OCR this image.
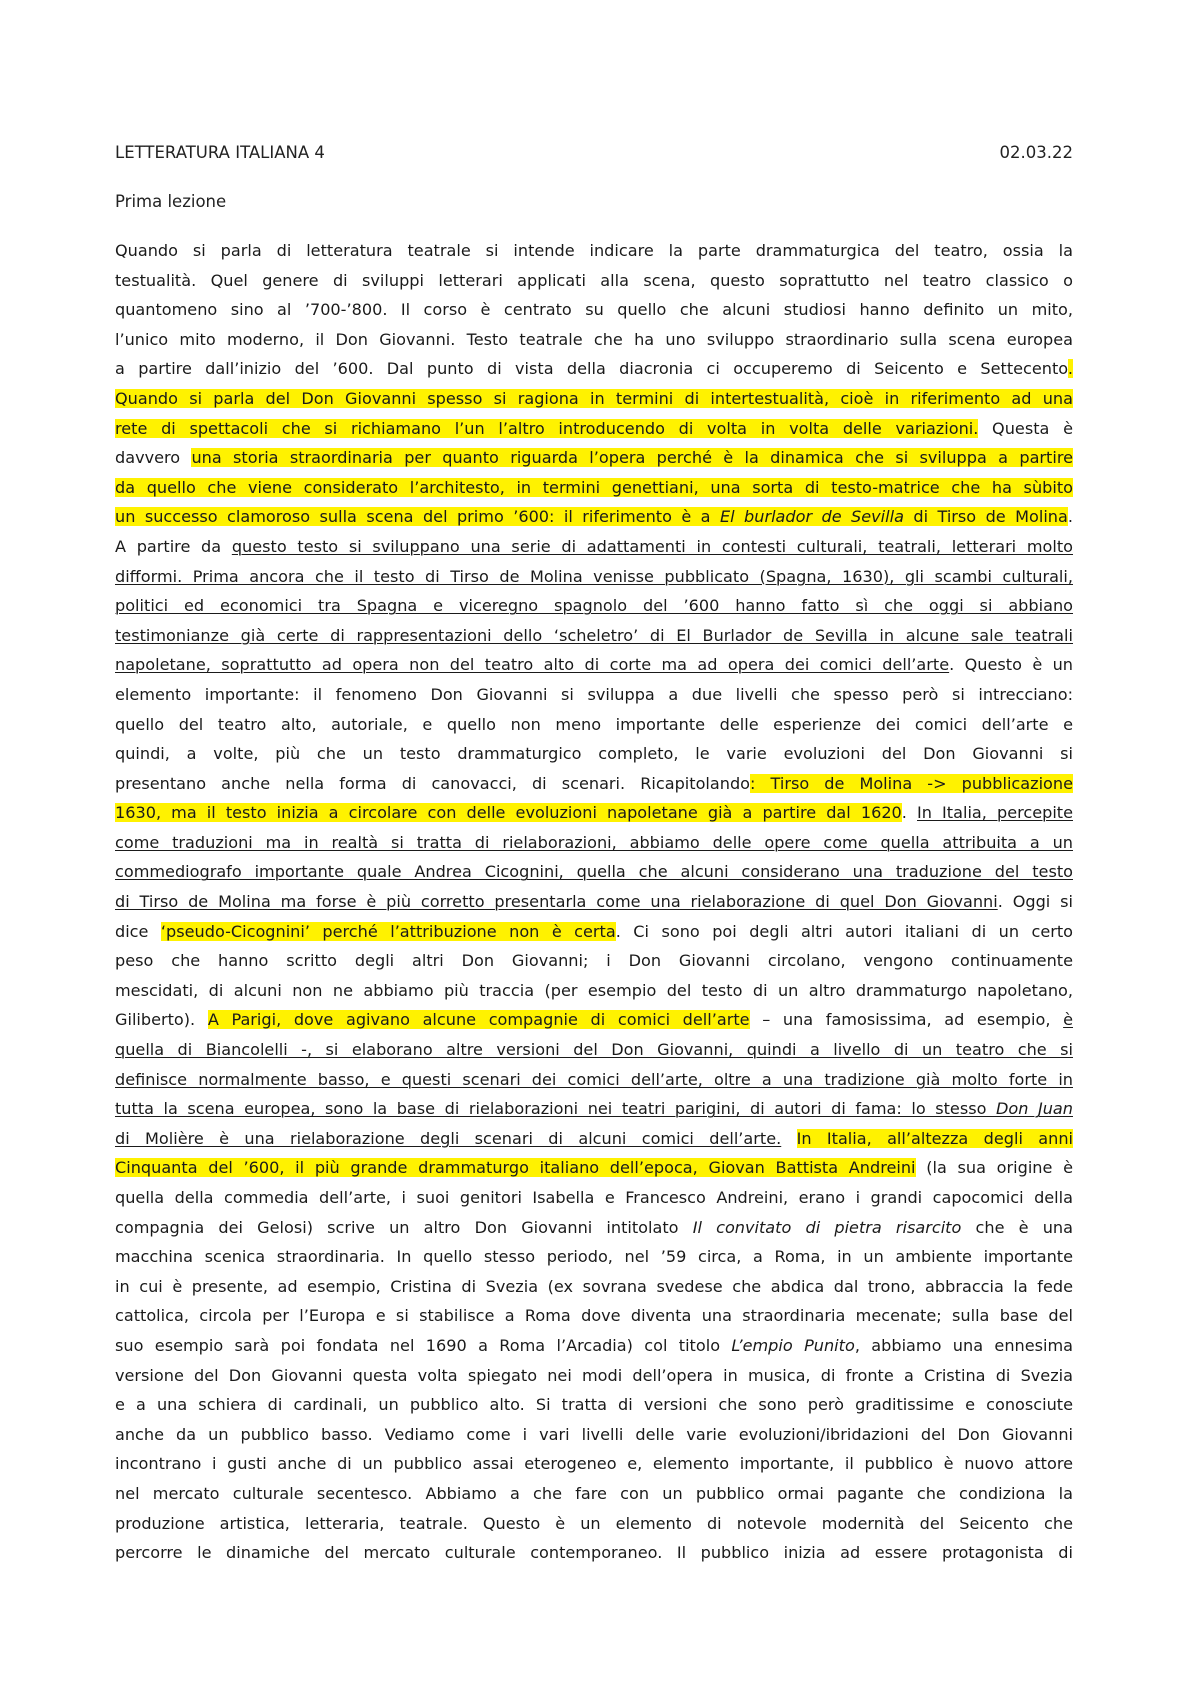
LETTERATURA ITALIANA 4	02.03.22
Prima lezione
Quando si parla di letteratura teatrale si intende indicare la parte drammaturgica del teatro, ossia la
testualità. Quel genere di sviluppi letterari applicati alla scena, questo soprattutto nel teatro classico o
quantomeno sino al ’700-’800. Il corso è centrato su quello che alcuni studiosi hanno definito un mito,
l’unico mito moderno, il Don Giovanni. Testo teatrale che ha uno sviluppo straordinario sulla scena europea
a partire dall’inizio del ’600. Dal punto di vista della diacronia ci occuperemo di Seicento e Settecento.
Quando si parla del Don Giovanni spesso si ragiona in termini di intertestualità, cioè in riferimento ad una
rete di spettacoli che si richiamano l’un l’altro introducendo di volta in volta delle variazioni. Questa è
davvero una storia straordinaria per quanto riguarda l’opera perché è la dinamica che si sviluppa a partire
da quello che viene considerato l’architesto, in termini genettiani, una sorta di testo-matrice che ha sùbito
un successo clamoroso sulla scena del primo ’600: il riferimento è a El burlador de Sevilla di Tirso de Molina.
A partire da questo testo si sviluppano una serie di adattamenti in contesti culturali, teatrali, letterari molto
difformi. Prima ancora che il testo di Tirso de Molina venisse pubblicato (Spagna, 1630), gli scambi culturali,
politici ed economici tra Spagna e viceregno spagnolo del ’600 hanno fatto sì che oggi si abbiano
testimonianze già certe di rappresentazioni dello ‘scheletro’ di El Burlador de Sevilla in alcune sale teatrali
napoletane, soprattutto ad opera non del teatro alto di corte ma ad opera dei comici dell’arte. Questo è un
elemento importante: il fenomeno Don Giovanni si sviluppa a due livelli che spesso però si intrecciano:
quello del teatro alto, autoriale, e quello non meno importante delle esperienze dei comici dell’arte e
quindi, a volte, più che un testo drammaturgico completo, le varie evoluzioni del Don Giovanni si
presentano anche nella forma di canovacci, di scenari. Ricapitolando: Tirso de Molina -> pubblicazione
1630, ma il testo inizia a circolare con delle evoluzioni napoletane già a partire dal 1620. In Italia, percepite
come traduzioni ma in realtà si tratta di rielaborazioni, abbiamo delle opere come quella attribuita a un
commediografo importante quale Andrea Cicognini, quella che alcuni considerano una traduzione del testo
di Tirso de Molina ma forse è più corretto presentarla come una rielaborazione di quel Don Giovanni. Oggi si
dice ‘pseudo-Cicognini’ perché l’attribuzione non è certa. Ci sono poi degli altri autori italiani di un certo
peso che hanno scritto degli altri Don Giovanni; i Don Giovanni circolano, vengono continuamente
mescidati, di alcuni non ne abbiamo più traccia (per esempio del testo di un altro drammaturgo napoletano,
Giliberto). A Parigi, dove agivano alcune compagnie di comici dell’arte – una famosissima, ad esempio, è
quella di Biancolelli -, si elaborano altre versioni del Don Giovanni, quindi a livello di un teatro che si
definisce normalmente basso, e questi scenari dei comici dell’arte, oltre a una tradizione già molto forte in
tutta la scena europea, sono la base di rielaborazioni nei teatri parigini, di autori di fama: lo stesso Don Juan
di Molière è una rielaborazione degli scenari di alcuni comici dell’arte. In Italia, all’altezza degli anni
Cinquanta del ’600, il più grande drammaturgo italiano dell’epoca, Giovan Battista Andreini (la sua origine è
quella della commedia dell’arte, i suoi genitori Isabella e Francesco Andreini, erano i grandi capocomici della
compagnia dei Gelosi) scrive un altro Don Giovanni intitolato Il convitato di pietra risarcito che è una
macchina scenica straordinaria. In quello stesso periodo, nel ’59 circa, a Roma, in un ambiente importante
in cui è presente, ad esempio, Cristina di Svezia (ex sovrana svedese che abdica dal trono, abbraccia la fede
cattolica, circola per l’Europa e si stabilisce a Roma dove diventa una straordinaria mecenate; sulla base del
suo esempio sarà poi fondata nel 1690 a Roma l’Arcadia) col titolo L’empio Punito, abbiamo una ennesima
versione del Don Giovanni questa volta spiegato nei modi dell’opera in musica, di fronte a Cristina di Svezia
e a una schiera di cardinali, un pubblico alto. Si tratta di versioni che sono però graditissime e conosciute
anche da un pubblico basso. Vediamo come i vari livelli delle varie evoluzioni/ibridazioni del Don Giovanni
incontrano i gusti anche di un pubblico assai eterogeneo e, elemento importante, il pubblico è nuovo attore
nel mercato culturale secentesco. Abbiamo a che fare con un pubblico ormai pagante che condiziona la
produzione artistica, letteraria, teatrale. Questo è un elemento di notevole modernità del Seicento che
percorre le dinamiche del mercato culturale contemporaneo. Il pubblico inizia ad essere protagonista di
